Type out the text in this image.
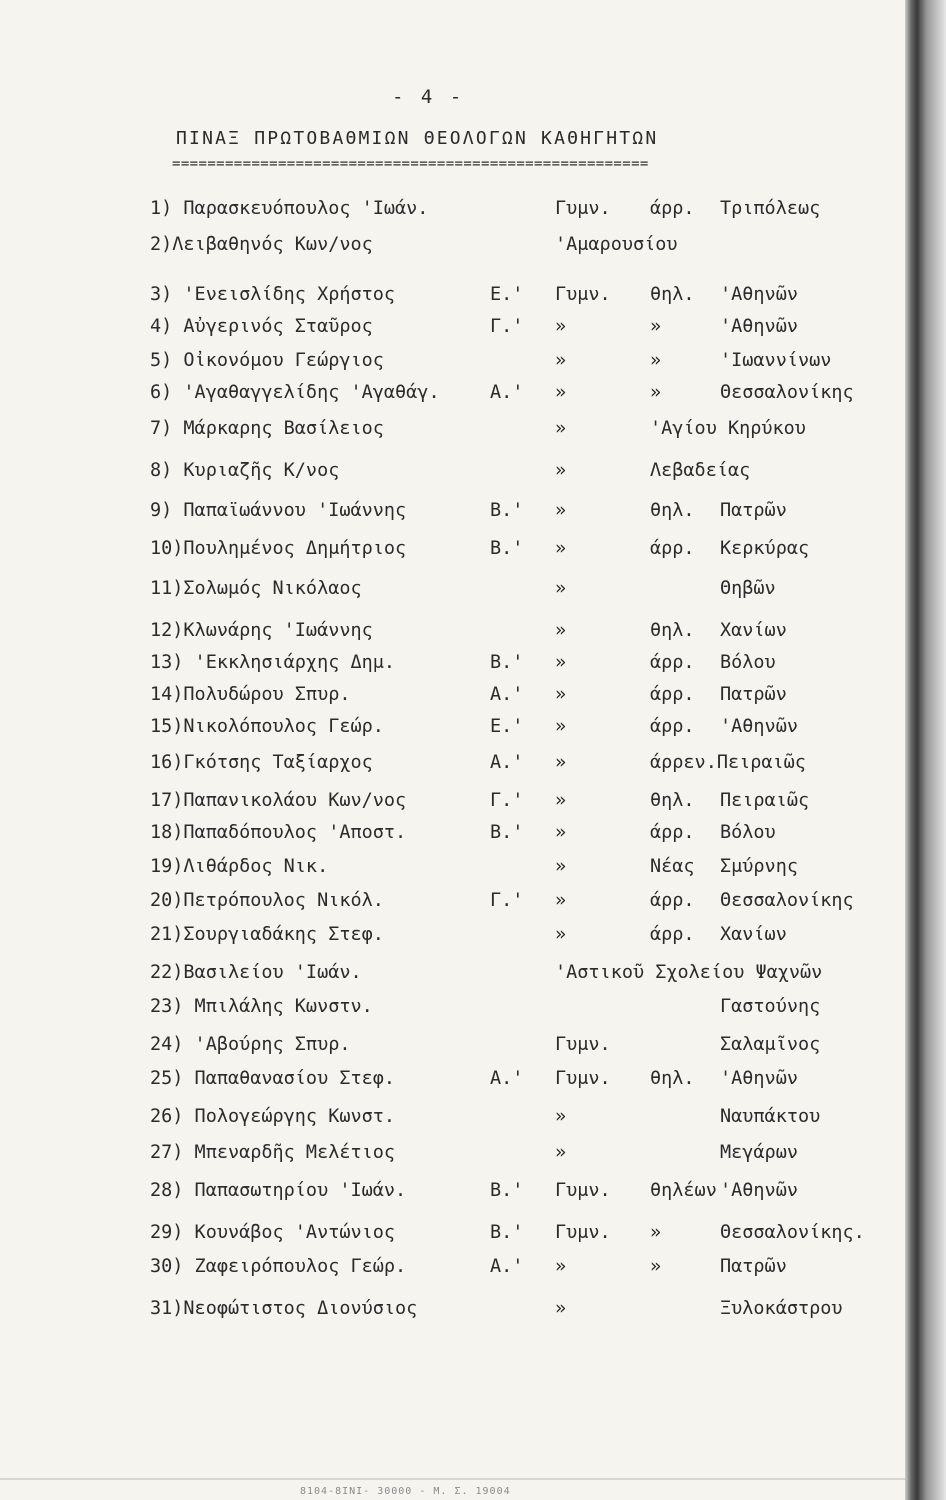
- 4 -
ΠΙΝΑΞ ΠΡΩΤΟΒΑΘΜΙΩΝ ΘΕΟΛΟΓΩΝ ΚΑΘΗΓΗΤΩΝ
======================================================
1) Παρασκευόπουλος 'Ιωάν.	Γυμν. άρρ. Τριπόλεως
2)Λειβαθηνός Κων/νος	'Αμαρουσίου
3) 'Ενεισλίδης Χρήστος	Ε.' Γυμν. θηλ. 'Αθηνῶν
4) Αὐγερινός Σταῦρος	Γ.' »	»	'Αθηνῶν
5) Οἰκονόμου Γεώργιος	»	»	'Ιωαννίνων
6) 'Αγαθαγγελίδης 'Αγαθάγ.	Α.' »	»	Θεσσαλονίκης
7) Μάρκαρης Βασίλειος	»	'Αγίου Κηρύκου
8) Κυριαζῆς Κ/νος	»	Λεβαδείας
9) Παπαϊωάννου 'Ιωάννης	Β.' »	θηλ. Πατρῶν
10)Πουλημένος Δημήτριος	Β.' »	άρρ. Κερκύρας
11)Σολωμός Νικόλαος	»	Θηβῶν
12)Κλωνάρης 'Ιωάννης	»	θηλ. Χανίων
13) 'Εκκλησιάρχης Δημ.	Β.' »	άρρ. Βόλου
14)Πολυδώρου Σπυρ.	Α.' »	άρρ. Πατρῶν
15)Νικολόπουλος Γεώρ.	Ε.' »	άρρ. 'Αθηνῶν
16)Γκότσης Ταξίαρχος	Α.' »	άρρεν.Πειραιῶς
17)Παπανικολάου Κων/νος	Γ.' »	θηλ. Πειραιῶς
18)Παπαδόπουλος 'Αποστ.	Β.' »	άρρ. Βόλου
19)Λιθάρδος Νικ.	»	Νέας Σμύρνης
20)Πετρόπουλος Νικόλ.	Γ.' »	άρρ. Θεσσαλονίκης
21)Σουργιαδάκης Στεφ.	»	άρρ. Χανίων
22)Βασιλείου 'Ιωάν.	'Αστικοῦ Σχολείου Ψαχνῶν
23) Μπιλάλης Κωνστν.	Γαστούνης
24) 'Αβούρης Σπυρ.	Γυμν.	Σαλαμῖνος
25) Παπαθανασίου Στεφ.	Α.' Γυμν. θηλ. 'Αθηνῶν
26) Πολογεώργης Κωνστ.	»	Ναυπάκτου
27) Μπεναρδῆς Μελέτιος	»	Μεγάρων
28) Παπασωτηρίου 'Ιωάν.	Β.' Γυμν. θηλέων 'Αθηνῶν
29) Κουνάβος 'Αντώνιος	Β.' Γυμν. »	Θεσσαλονίκης.
30) Ζαφειρόπουλος Γεώρ.	Α.' »	»	Πατρῶν
31)Νεοφώτιστος Διονύσιος	»	Ξυλοκάστρου
8104-8ΙΝΙ- 30000 - Μ. Σ. 19004
